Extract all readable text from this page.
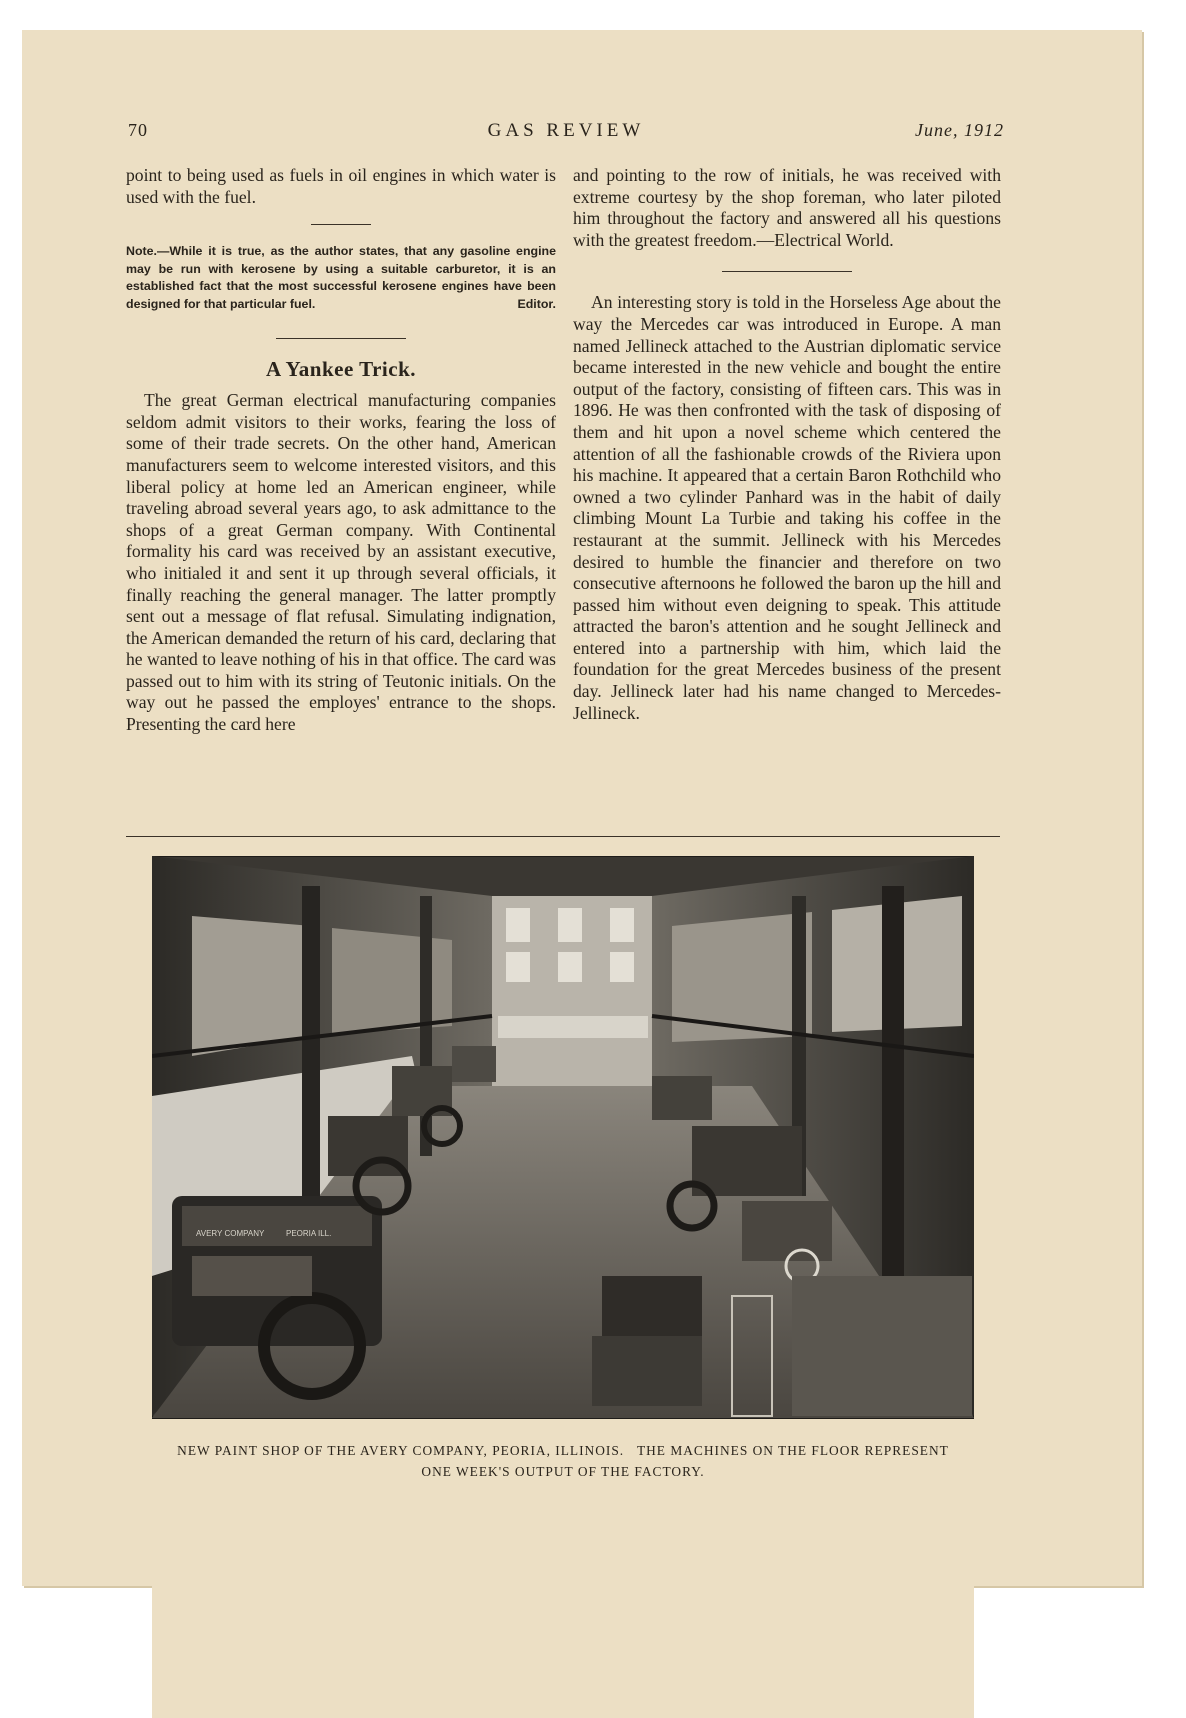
70	GAS REVIEW	June, 1912

point to being used as fuels in oil engines in which water is used with the fuel.

Note.—While it is true, as the author states, that any gasoline engine may be run with kerosene by using a suitable carburetor, it is an established fact that the most successful kerosene engines have been designed for that particular fuel.	Editor.
A Yankee Trick.

The great German electrical manufacturing companies seldom admit visitors to their works, fearing the loss of some of their trade secrets. On the other hand, American manufacturers seem to welcome interested visitors, and this liberal policy at home led an American engineer, while traveling abroad several years ago, to ask admittance to the shops of a great German company. With Continental formality his card was received by an assistant executive, who initialed it and sent it up through several officials, it finally reaching the general manager. The latter promptly sent out a message of flat refusal. Simulating indignation, the American demanded the return of his card, declaring that he wanted to leave nothing of his in that office. The card was passed out to him with its string of Teutonic initials. On the way out he passed the employes' entrance to the shops. Presenting the card here

and pointing to the row of initials, he was received with extreme courtesy by the shop foreman, who later piloted him throughout the factory and answered all his questions with the greatest freedom.—Electrical World.

An interesting story is told in the Horseless Age about the way the Mercedes car was introduced in Europe. A man named Jellineck attached to the Austrian diplomatic service became interested in the new vehicle and bought the entire output of the factory, consisting of fifteen cars. This was in 1896. He was then confronted with the task of disposing of them and hit upon a novel scheme which centered the attention of all the fashionable crowds of the Riviera upon his machine. It appeared that a certain Baron Rothchild who owned a two cylinder Panhard was in the habit of daily climbing Mount La Turbie and taking his coffee in the restaurant at the summit. Jellineck with his Mercedes desired to humble the financier and therefore on two consecutive afternoons he followed the baron up the hill and passed him without even deigning to speak. This attitude attracted the baron's attention and he sought Jellineck and entered into a partnership with him, which laid the foundation for the great Mercedes business of the present day. Jellineck later had his name changed to Mercedes-Jellineck.

AVERY COMPANY	PEORIA ILL.
NEW PAINT SHOP OF THE AVERY COMPANY, PEORIA, ILLINOIS.   THE MACHINES ON THE FLOOR REPRESENT
ONE WEEK'S OUTPUT OF THE FACTORY.
